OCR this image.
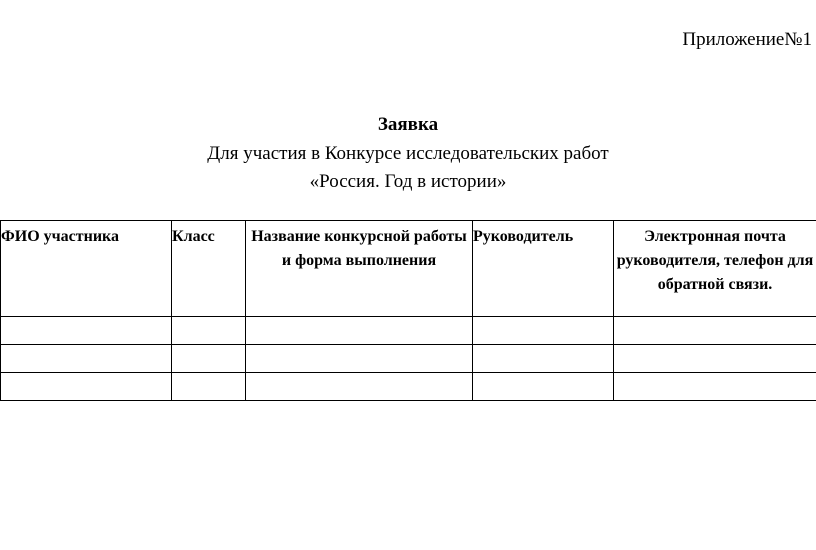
Приложение№1
Заявка
Для участия в Конкурсе исследовательских работ
«Россия. Год в истории»
ФИО участника	Класс	Название конкурсной работы и форма выполнения	Руководитель	Электронная почта руководителя, телефон для обратной связи.
